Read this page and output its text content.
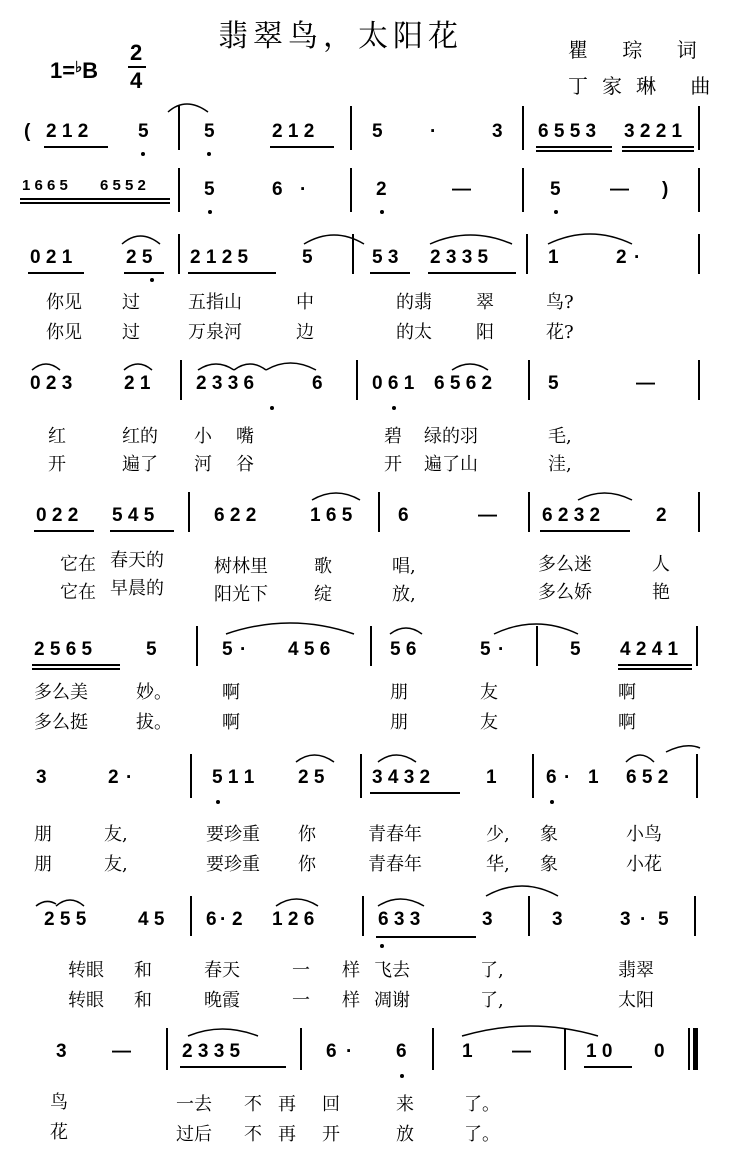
翡翠鸟，太阳花
1=♭B
2
4
瞿 琮 词
丁家琳 曲
( 2 1 2	5	5	2 1 2	5 ·	3 6 5 5 3 3 2 2 1
1 6 6 5 6 5 5 2	5	6 ·	2	—	5	— )
0 2 1	2 5 2 1 2 5	5	5 3 2 3 3 5	1	2 ·
你见 过	五指山	中	的翡 翠	鸟?
你见 过	万泉河	边	的太 阳	花?
0 2 3	2 1 2 3 3 6	6	0 6 1 6 5 6 2	5	—
红	红的 小 嘴	碧 绿的羽	毛,
开	遍了 河 谷	开 遍了山	洼,
0 2 2 5 4 5	6 2 2	1 6 5 6	— 6 2 3 2	2
它在 春天的	树林里	歌	唱,	多么迷	人
它在 早晨的	阳光下	绽	放,	多么娇	艳
2 5 6 5	5	5 · 4 5 6	5 6	5 ·	5 4 2 4 1
多么美	妙。	啊	朋	友	啊
多么挺	拔。	啊	朋	友	啊
3	2 ·	5 1 1 2 5	3 4 3 2	1	6 · 1 6 5 2
朋	友,	要珍重 你	青春年	少, 象	小鸟
朋	友,	要珍重 你	青春年	华, 象	小花
2 5 5	4 5 6 · 2 1 2 6	6 3 3	3	3	3 · 5
转眼 和	春天	一 样 飞去	了,	翡翠
转眼 和	晚霞	一 样 凋谢	了,	太阳
3 —	2 3 3 5	6 · 6	1 —	1 0 0
鸟	一去 不 再 回	来	了。
花	过后 不 再 开	放	了。
